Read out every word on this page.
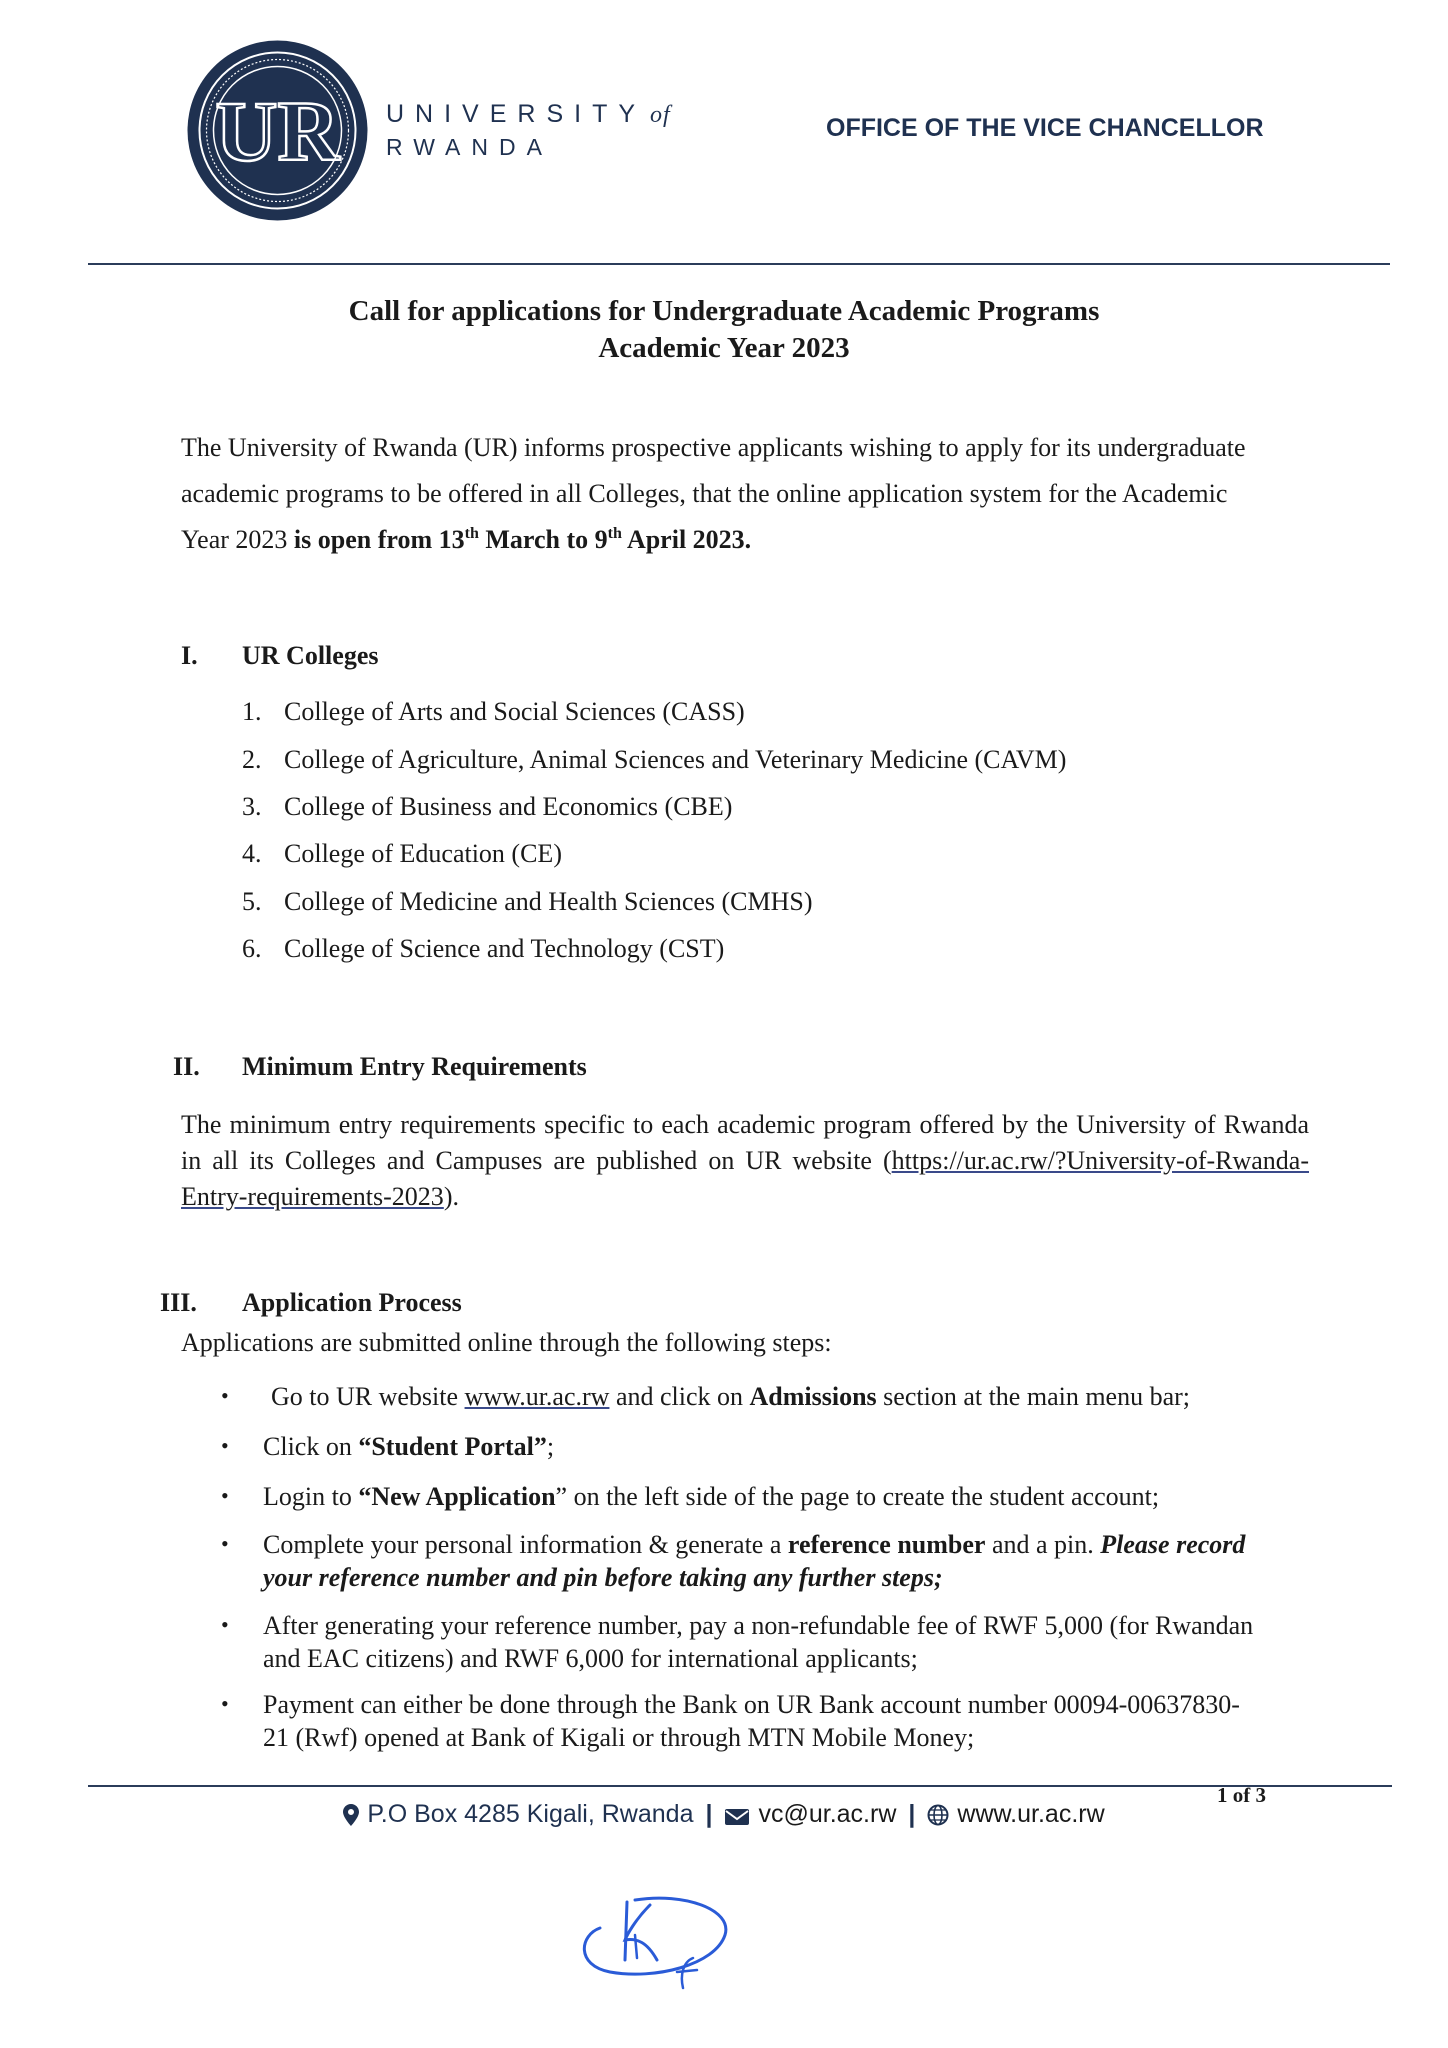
UR UNIVERSITY of
RWANDA
OFFICE OF THE VICE CHANCELLOR
Call for applications for Undergraduate Academic Programs
Academic Year 2023
The University of Rwanda (UR) informs prospective applicants wishing to apply for its undergraduate
academic programs to be offered in all Colleges, that the online application system for the Academic
Year 2023 is open from 13th March to 9th April 2023.
I. UR Colleges
1. College of Arts and Social Sciences (CASS)
2. College of Agriculture, Animal Sciences and Veterinary Medicine (CAVM)
3. College of Business and Economics (CBE)
4. College of Education (CE)
5. College of Medicine and Health Sciences (CMHS)
6. College of Science and Technology (CST)
II. Minimum Entry Requirements
The minimum entry requirements specific to each academic program offered by the University of Rwanda in all its Colleges and Campuses are published on UR website (https://ur.ac.rw/?University-of-Rwanda-Entry-requirements-2023).
III. Application Process
Applications are submitted online through the following steps:
• Go to UR website www.ur.ac.rw and click on Admissions section at the main menu bar;
• Click on “Student Portal”;
• Login to “New Application” on the left side of the page to create the student account;
• Complete your personal information & generate a reference number and a pin. Please record
your reference number and pin before taking any further steps;
• After generating your reference number, pay a non-refundable fee of RWF 5,000 (for Rwandan
and EAC citizens) and RWF 6,000 for international applicants;
• Payment can either be done through the Bank on UR Bank account number 00094-00637830-
21 (Rwf) opened at Bank of Kigali or through MTN Mobile Money;
P.O Box 4285 Kigali, Rwanda | vc@ur.ac.rw | www.ur.ac.rw
1 of 3
